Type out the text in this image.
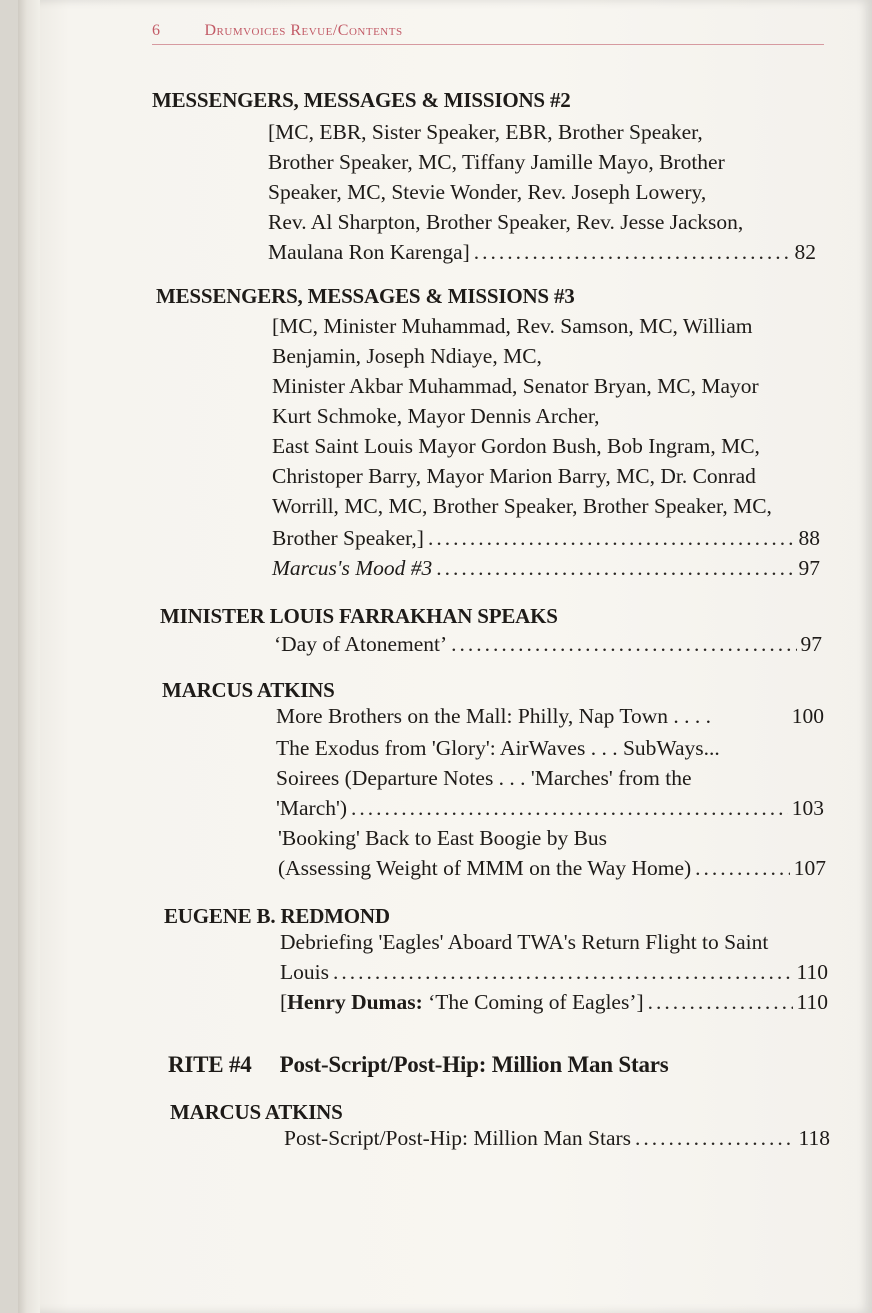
6	Drumvoices Revue/Contents
MESSENGERS, MESSAGES & MISSIONS #2
[MC, EBR, Sister Speaker, EBR, Brother Speaker,
Brother Speaker, MC, Tiffany Jamille Mayo, Brother
Speaker, MC, Stevie Wonder, Rev. Joseph Lowery,
Rev. Al Sharpton, Brother Speaker, Rev. Jesse Jackson,
Maulana Ron Karenga] .....	82
MESSENGERS, MESSAGES & MISSIONS #3
[MC, Minister Muhammad, Rev. Samson, MC, William
Benjamin, Joseph Ndiaye, MC,
Minister Akbar Muhammad, Senator Bryan, MC, Mayor
Kurt Schmoke, Mayor Dennis Archer,
East Saint Louis Mayor Gordon Bush, Bob Ingram, MC,
Christoper Barry, Mayor Marion Barry, MC, Dr. Conrad
Worrill, MC, MC, Brother Speaker, Brother Speaker, MC,
Brother Speaker,] .....	88
Marcus's Mood #3 .....	97
MINISTER LOUIS FARRAKHAN SPEAKS
‘Day of Atonement’ .....	97
MARCUS ATKINS
More Brothers on the Mall: Philly, Nap Town . . . .	100
The Exodus from 'Glory': AirWaves . . . SubWays...
Soirees (Departure Notes . . . 'Marches' from the
'March') .....	103
'Booking' Back to East Boogie by Bus
(Assessing Weight of MMM on the Way Home) .....	107
EUGENE B. REDMOND
Debriefing 'Eagles' Aboard TWA's Return Flight to Saint
Louis .....	110
[Henry Dumas: ‘The Coming of Eagles’] .....	110
RITE #4 Post-Script/Post-Hip: Million Man Stars
MARCUS ATKINS
Post-Script/Post-Hip: Million Man Stars .....	118
